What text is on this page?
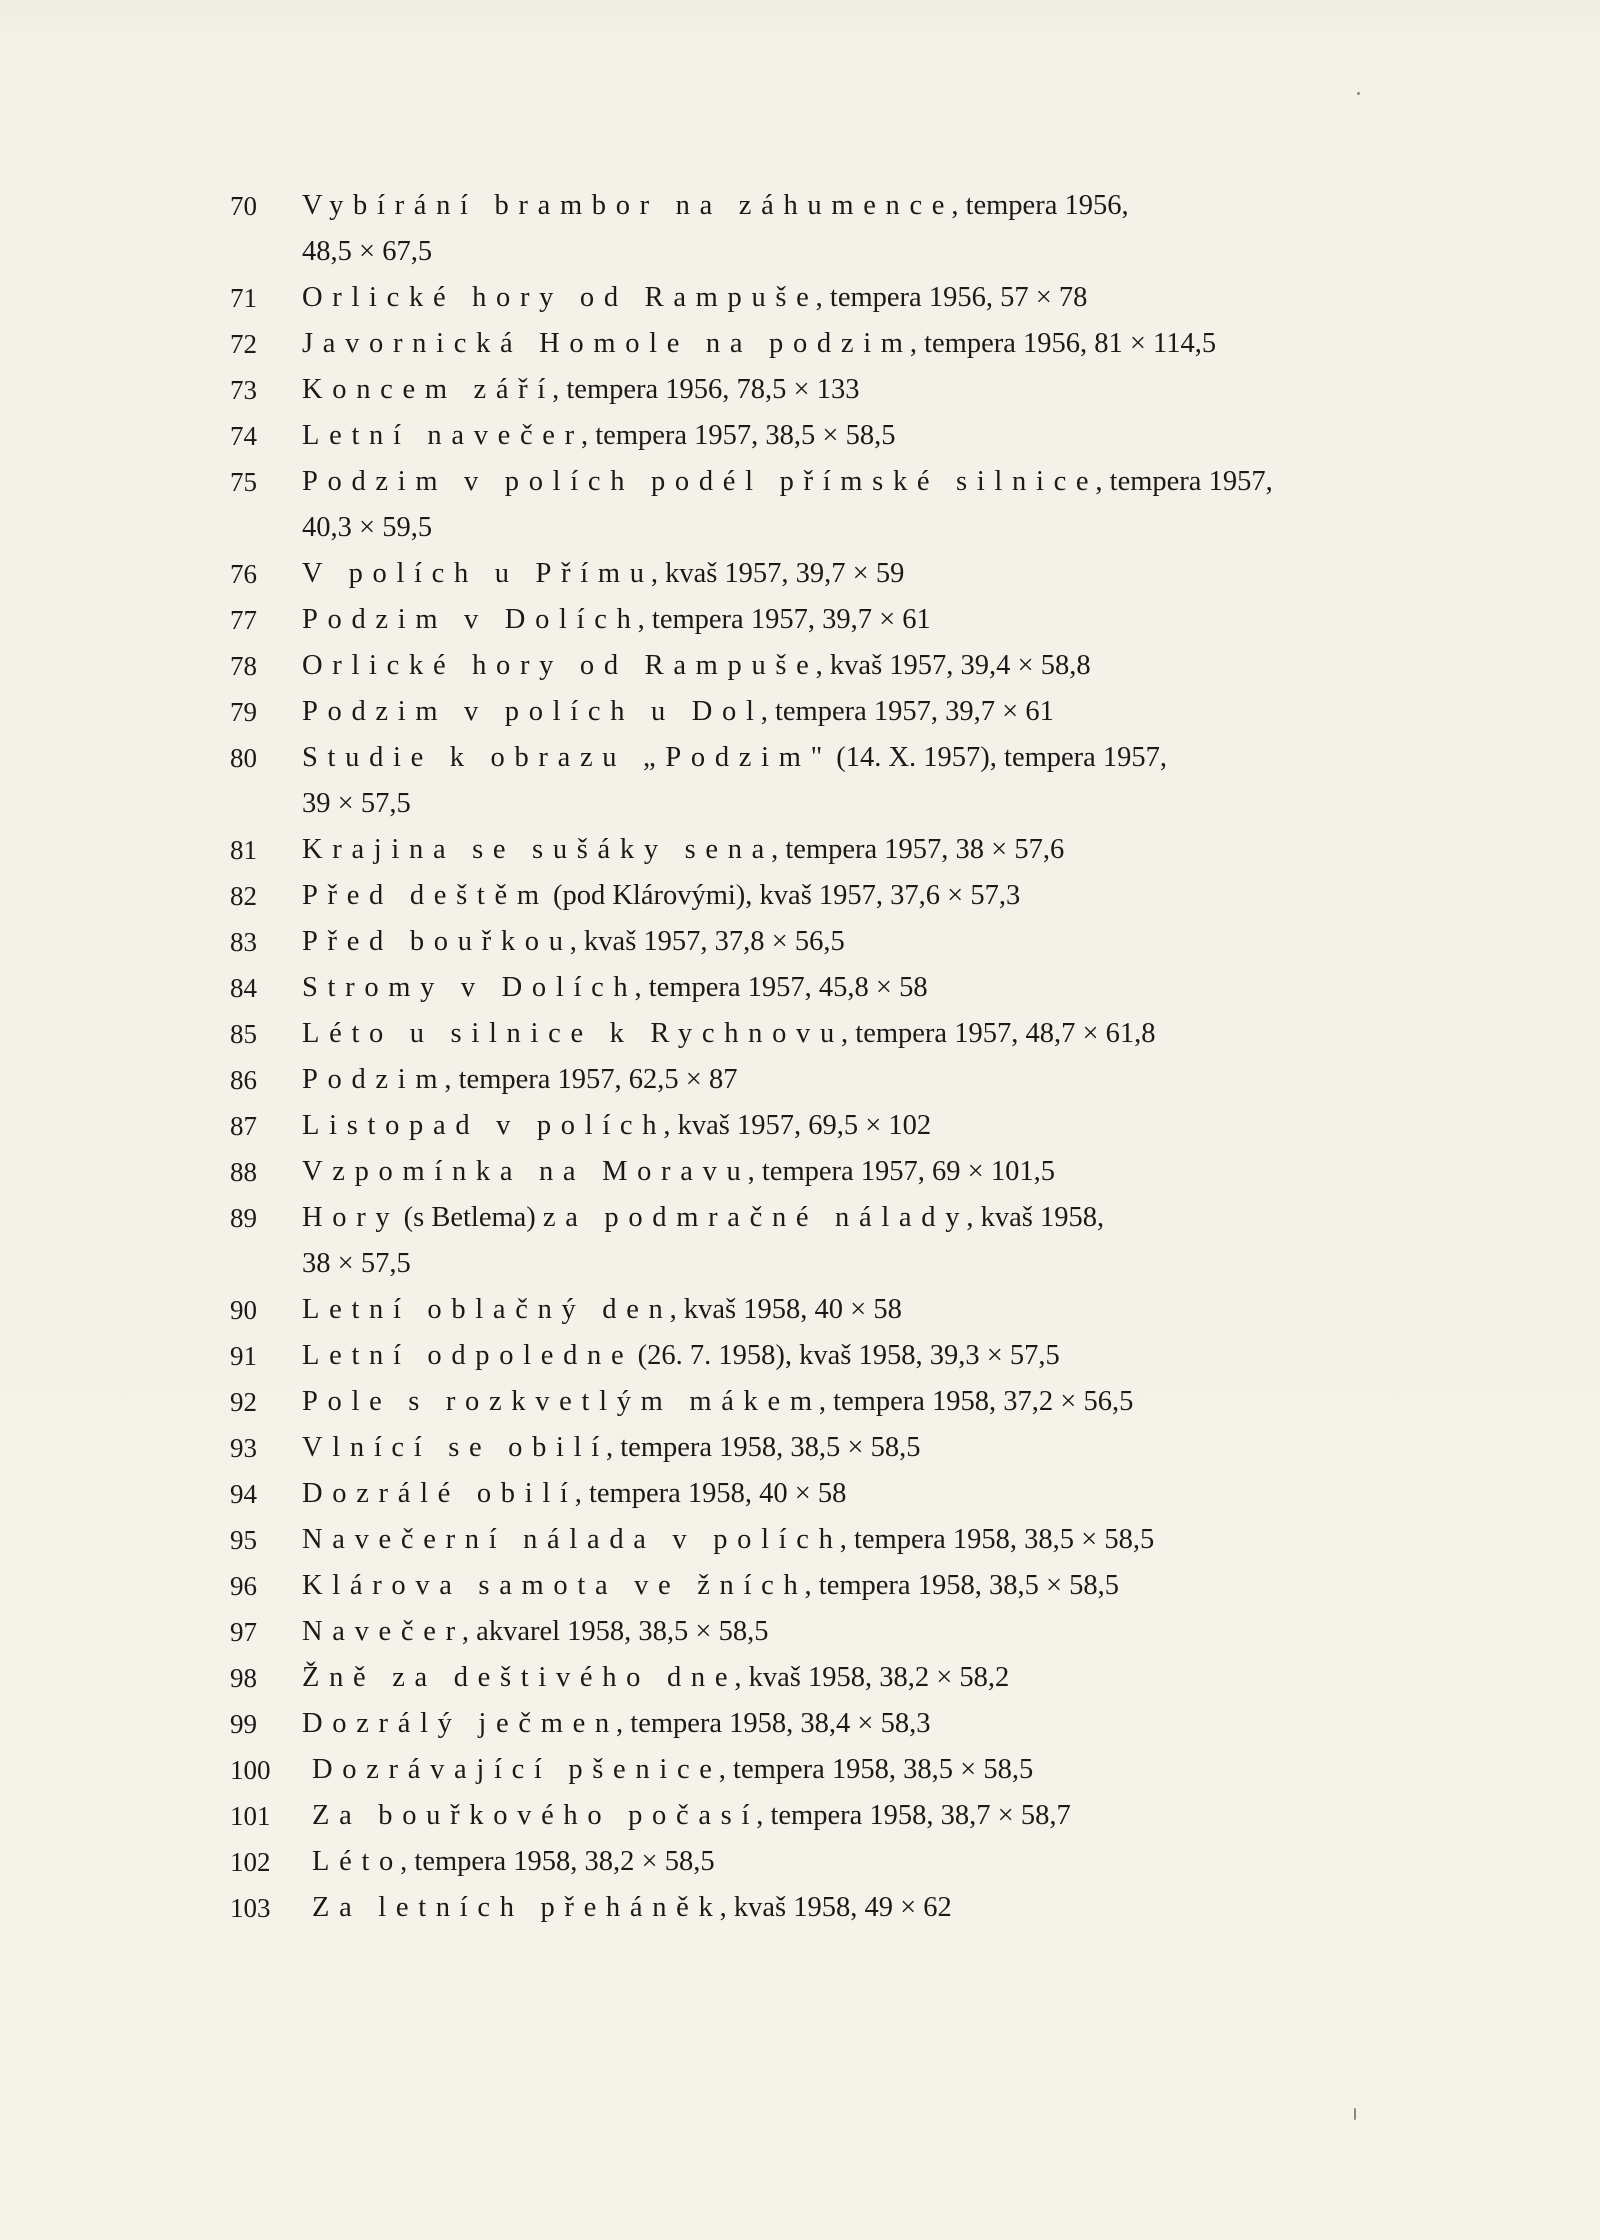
70	Vybírání brambor na záhumence, tempera 1956,
48,5 × 67,5
71	Orlické hory od Rampuše, tempera 1956, 57 × 78
72	Javornická Homole na podzim, tempera 1956, 81 × 114,5
73	Koncem září, tempera 1956, 78,5 × 133
74	Letní navečer, tempera 1957, 38,5 × 58,5
75	Podzim v polích podél přímské silnice, tempera 1957,
40,3 × 59,5
76	V polích u Přímu, kvaš 1957, 39,7 × 59
77	Podzim v Dolích, tempera 1957, 39,7 × 61
78	Orlické hory od Rampuše, kvaš 1957, 39,4 × 58,8
79	Podzim v polích u Dol, tempera 1957, 39,7 × 61
80	Studie k obrazu „Podzim" (14. X. 1957), tempera 1957,
39 × 57,5
81	Krajina se sušáky sena, tempera 1957, 38 × 57,6
82	Před deštěm (pod Klárovými), kvaš 1957, 37,6 × 57,3
83	Před bouřkou, kvaš 1957, 37,8 × 56,5
84	Stromy v Dolích, tempera 1957, 45,8 × 58
85	Léto u silnice k Rychnovu, tempera 1957, 48,7 × 61,8
86	Podzim, tempera 1957, 62,5 × 87
87	Listopad v polích, kvaš 1957, 69,5 × 102
88	Vzpomínka na Moravu, tempera 1957, 69 × 101,5
89	Hory (s Betlema) za podmračné nálady, kvaš 1958,
38 × 57,5
90	Letní oblačný den, kvaš 1958, 40 × 58
91	Letní odpoledne (26. 7. 1958), kvaš 1958, 39,3 × 57,5
92	Pole s rozkvetlým mákem, tempera 1958, 37,2 × 56,5
93	Vlnící se obilí, tempera 1958, 38,5 × 58,5
94	Dozrálé obilí, tempera 1958, 40 × 58
95	Navečerní nálada v polích, tempera 1958, 38,5 × 58,5
96	Klárova samota ve žních, tempera 1958, 38,5 × 58,5
97	Navečer, akvarel 1958, 38,5 × 58,5
98	Žně za deštivého dne, kvaš 1958, 38,2 × 58,2
99	Dozrálý ječmen, tempera 1958, 38,4 × 58,3
100	Dozrávající pšenice, tempera 1958, 38,5 × 58,5
101	Za bouřkového počasí, tempera 1958, 38,7 × 58,7
102	Léto, tempera 1958, 38,2 × 58,5
103	Za letních přeháněk, kvaš 1958, 49 × 62
